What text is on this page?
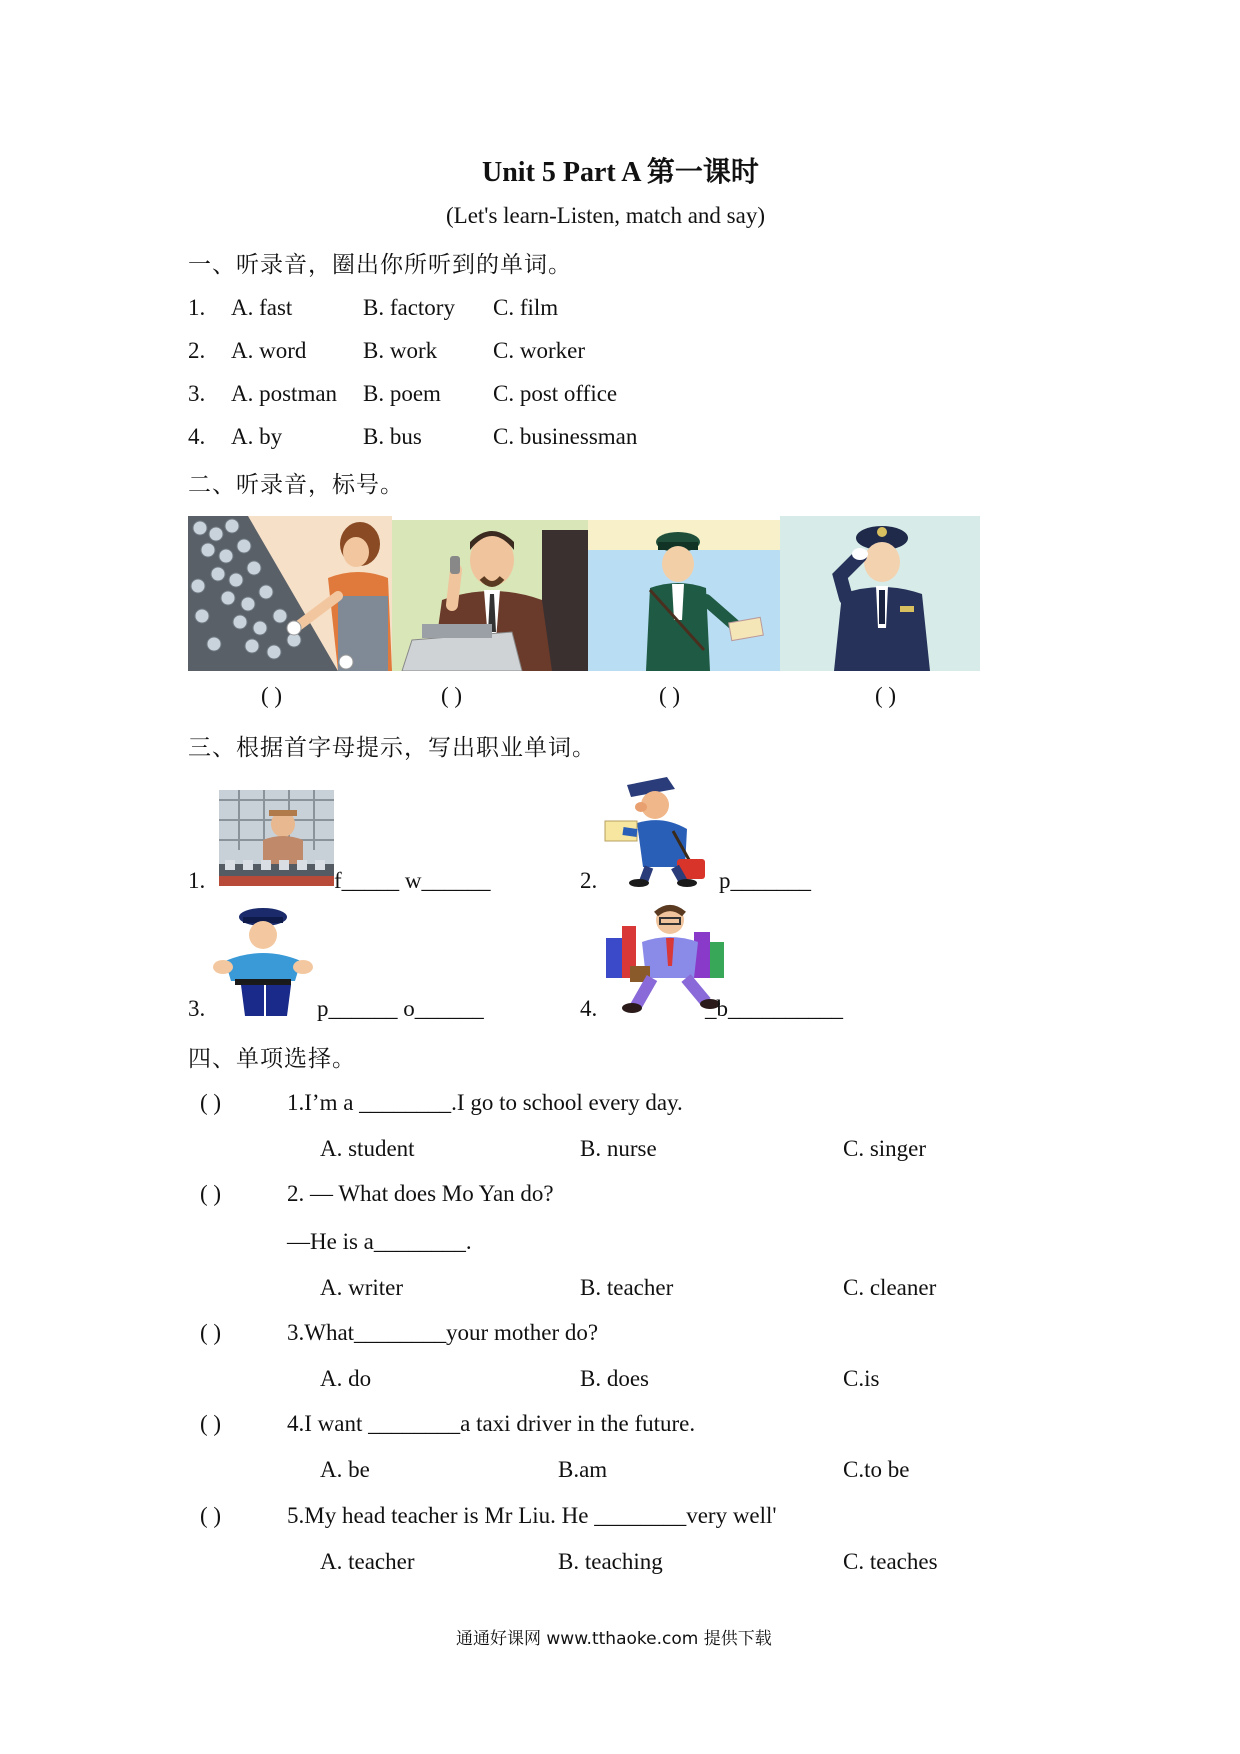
Unit 5 Part A 第一课时
(Let's learn-Listen, match and say)
一、听录音，圈出你所听到的单词。
1. A. fast	B. factory C. film
2. A. word B. work C. worker
3. A. postman B. poem C. post office
4. A. by	B. bus	C. businessman
二、听录音，标号。
( )	( )	( )	( )
三、根据首字母提示，写出职业单词。
1.	f_____ w______	2.	p_______
3.	p______ o______	4.	_b__________
四、单项选择。
( )	1.I’m a ________.I go to school every day.
A. student	B. nurse	C. singer
( )	2. — What does Mo Yan do?
—He is a________.
A. writer	B. teacher	C. cleaner
( )	3.What________your mother do?
A. do	B. does	C.is
( )	4.I want ________a taxi driver in the future.
A. be	B.am	C.to be
( )	5.My head teacher is Mr Liu. He ________very well'
A. teacher	B. teaching	C. teaches
通通好课网 www.tthaoke.com 提供下载
